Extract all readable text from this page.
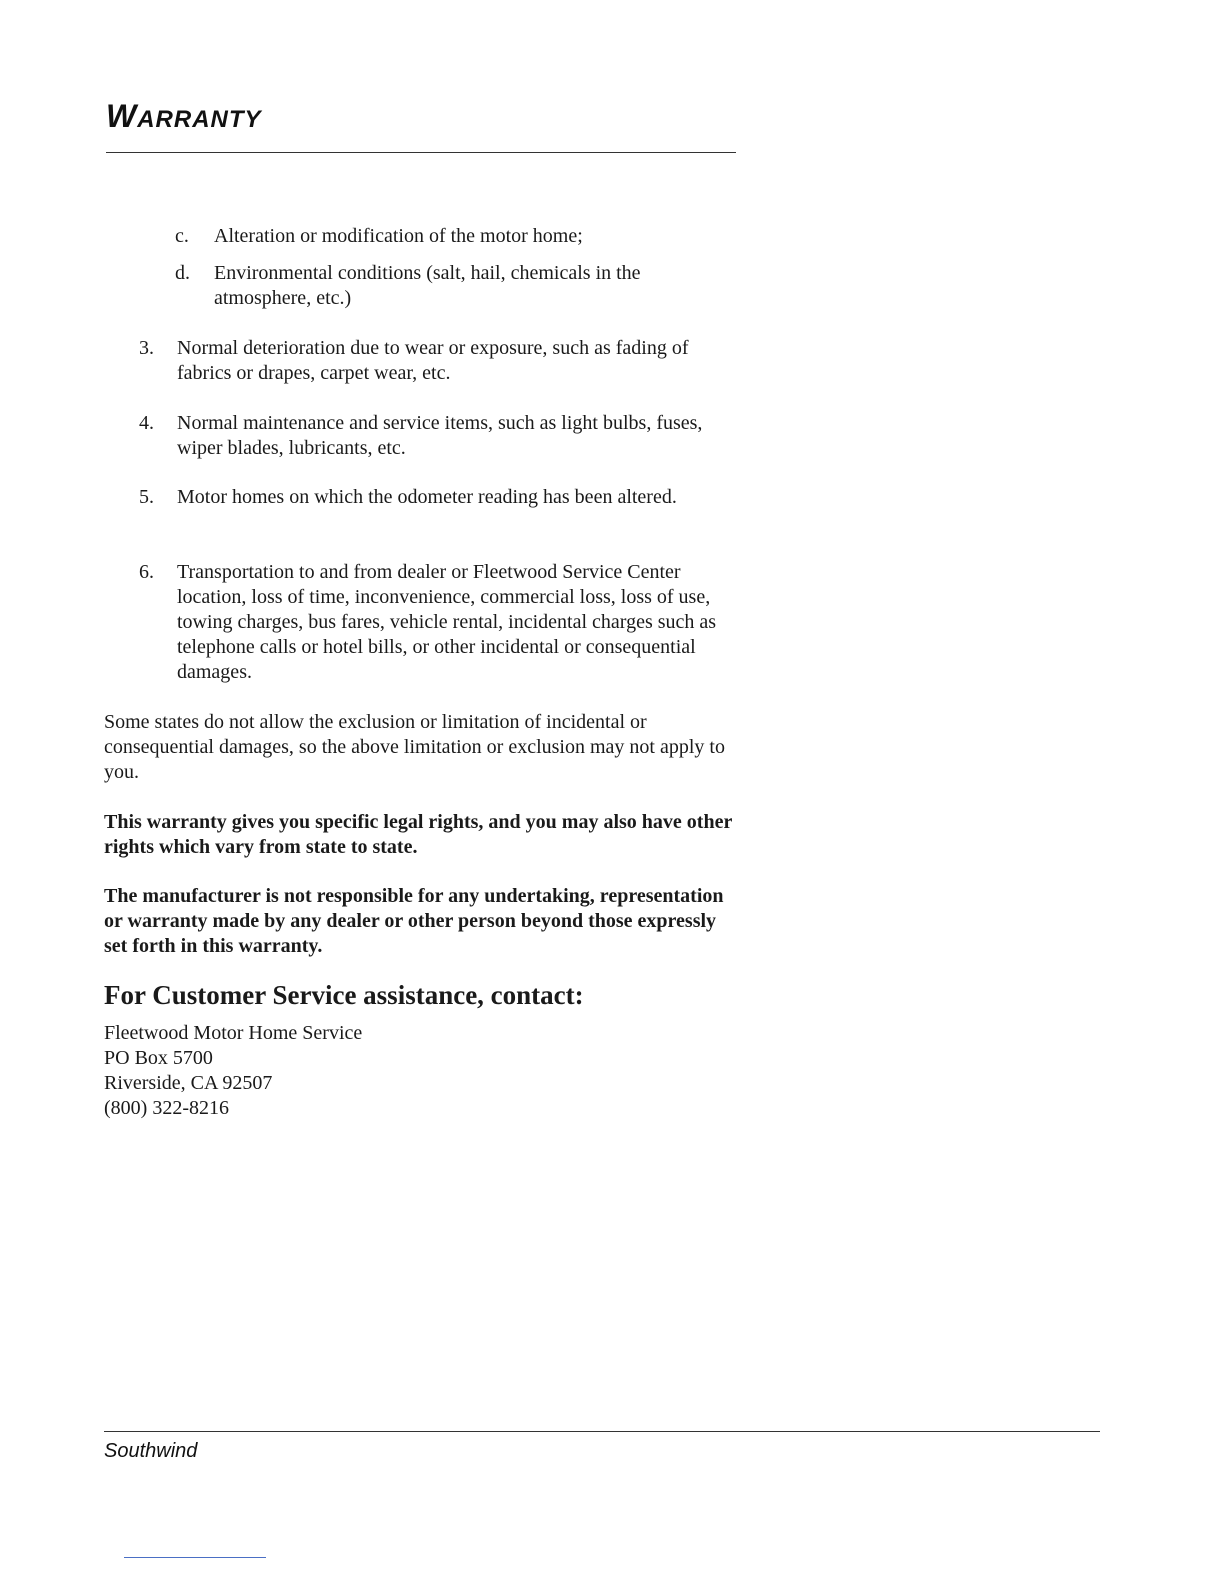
WARRANTY
c. Alteration or modification of the motor home;
d. Environmental conditions (salt, hail, chemicals in the atmosphere, etc.)
3. Normal deterioration due to wear or exposure, such as fading of fabrics or drapes, carpet wear, etc.
4. Normal maintenance and service items, such as light bulbs, fuses, wiper blades, lubricants, etc.
5. Motor homes on which the odometer reading has been altered.
6. Transportation to and from dealer or Fleetwood Service Center location, loss of time, inconvenience, commercial loss, loss of use, towing charges, bus fares, vehicle rental, incidental charges such as telephone calls or hotel bills, or other incidental or consequential damages.

Some states do not allow the exclusion or limitation of incidental or consequential damages, so the above limitation or exclusion may not apply to you.

This warranty gives you specific legal rights, and you may also have other rights which vary from state to state.

The manufacturer is not responsible for any undertaking, representation or warranty made by any dealer or other person beyond those expressly set forth in this warranty.

For Customer Service assistance, contact:
Fleetwood Motor Home Service
PO Box 5700
Riverside, CA 92507
(800) 322-8216
Southwind
